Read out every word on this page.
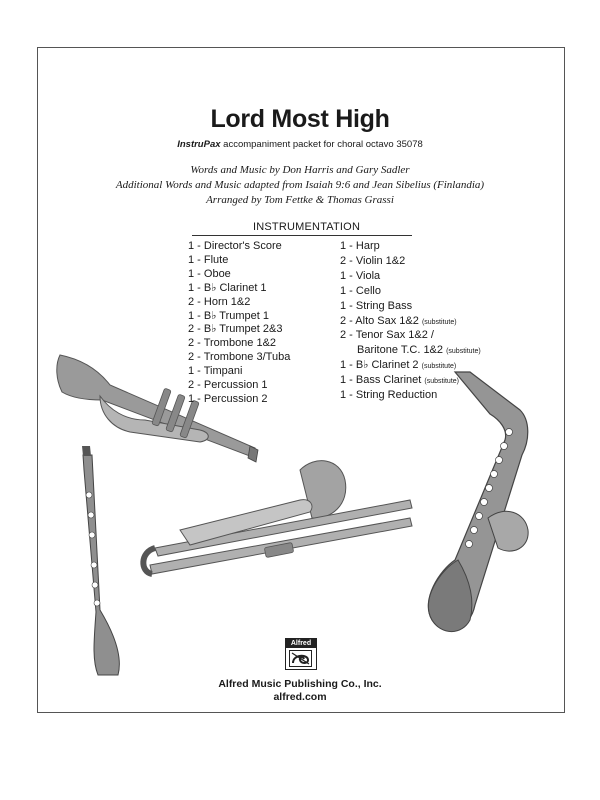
Lord Most High
InstruPax accompaniment packet for choral octavo 35078
Words and Music by Don Harris and Gary Sadler
Additional Words and Music adapted from Isaiah 9:6 and Jean Sibelius (Finlandia)
Arranged by Tom Fettke & Thomas Grassi
INSTRUMENTATION
1 - Director's Score
1 - Flute
1 - Oboe
1 - B♭ Clarinet 1
2 - Horn 1&2
1 - B♭ Trumpet 1
2 - B♭ Trumpet 2&3
2 - Trombone 1&2
2 - Trombone 3/Tuba
1 - Timpani
2 - Percussion 1
1 - Percussion 2
1 - Harp
2 - Violin 1&2
1 - Viola
1 - Cello
1 - String Bass
2 - Alto Sax 1&2 (substitute)
2 - Tenor Sax 1&2 /
Baritone T.C. 1&2 (substitute)
1 - B♭ Clarinet 2 (substitute)
1 - Bass Clarinet (substitute)
1 - String Reduction
Alfred
Alfred Music Publishing Co., Inc.
alfred.com
